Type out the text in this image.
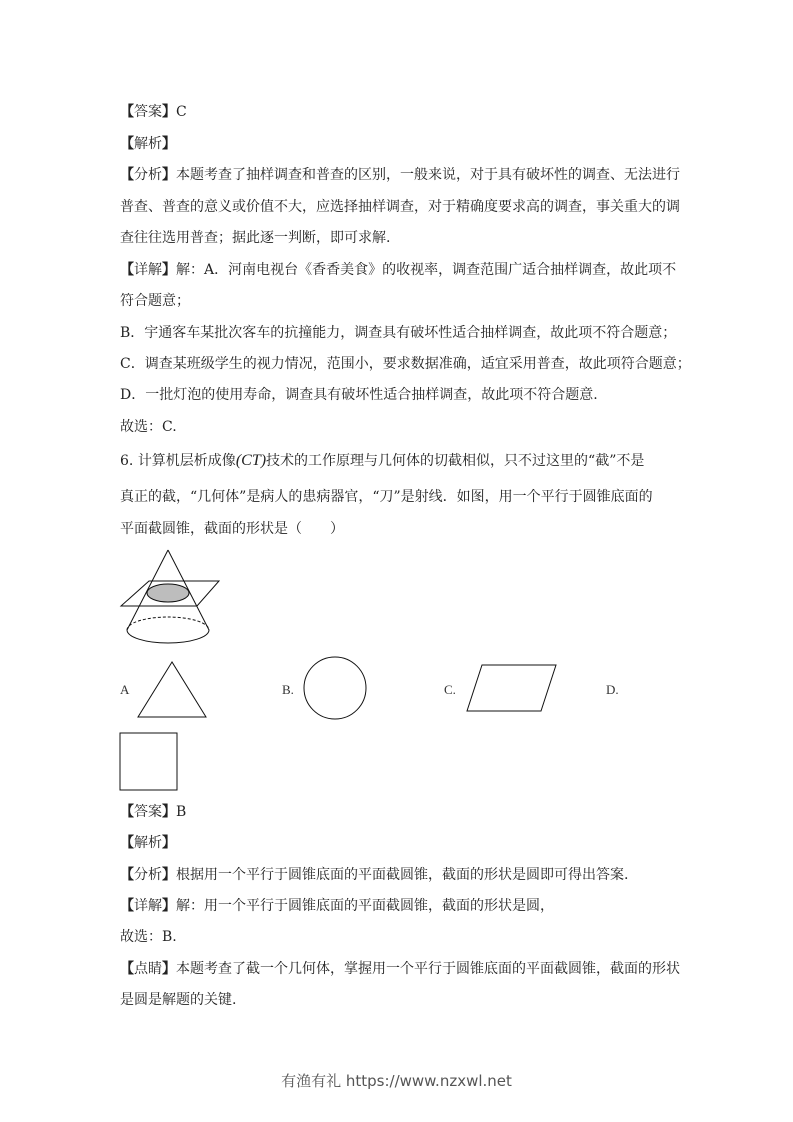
【答案】C
【解析】
【分析】本题考查了抽样调查和普查的区别，一般来说，对于具有破坏性的调查、无法进行
普查、普查的意义或价值不大，应选择抽样调查，对于精确度要求高的调查，事关重大的调
查往往选用普查；据此逐一判断，即可求解.
【详解】解：A．河南电视台《香香美食》的收视率，调查范围广适合抽样调查，故此项不
符合题意；
B．宇通客车某批次客车的抗撞能力，调查具有破坏性适合抽样调查，故此项不符合题意；
C．调查某班级学生的视力情况，范围小，要求数据准确，适宜采用普查，故此项符合题意；
D．一批灯泡的使用寿命，调查具有破坏性适合抽样调查，故此项不符合题意.
故选：C.
6. 计算机层析成像(CT)技术的工作原理与几何体的切截相似，只不过这里的“截”不是
真正的截，“几何体”是病人的患病器官，“刀”是射线．如图，用一个平行于圆锥底面的
平面截圆锥，截面的形状是（　　）
A	B.	C.	D.
【答案】B
【解析】
【分析】根据用一个平行于圆锥底面的平面截圆锥，截面的形状是圆即可得出答案.
【详解】解：用一个平行于圆锥底面的平面截圆锥，截面的形状是圆，
故选：B.
【点睛】本题考查了截一个几何体，掌握用一个平行于圆锥底面的平面截圆锥，截面的形状
是圆是解题的关键.
有渔有礼 https://www.nzxwl.net
